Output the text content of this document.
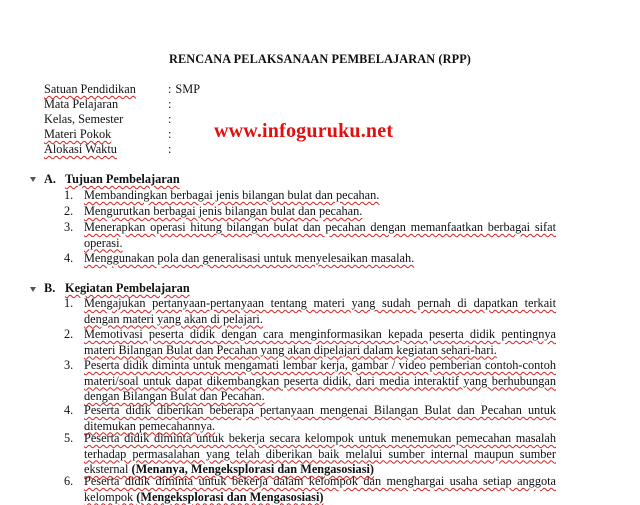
RENCANA PELAKSANAAN PEMBELAJARAN (RPP)
Satuan Pendidikan	: SMP
Mata Pelajaran	:
Kelas, Semester	:
Materi Pokok	:
Alokasi Waktu	:
www.infoguruku.net
A. Tujuan Pembelajaran
1. Membandingkan berbagai jenis bilangan bulat dan pecahan.
2. Mengurutkan berbagai jenis bilangan bulat dan pecahan.
3. Menerapkan operasi hitung bilangan bulat dan pecahan dengan memanfaatkan berbagai sifat operasi.
4. Menggunakan pola dan generalisasi untuk menyelesaikan masalah.
B. Kegiatan Pembelajaran
1. Mengajukan pertanyaan-pertanyaan tentang materi yang sudah pernah di dapatkan terkait dengan materi yang akan di pelajari.
2. Memotivasi peserta didik dengan cara menginformasikan kepada peserta didik pentingnya materi Bilangan Bulat dan Pecahan yang akan dipelajari dalam kegiatan sehari-hari.
3. Peserta didik diminta untuk mengamati lembar kerja, gambar / video pemberian contoh-contoh materi/soal untuk dapat dikembangkan peserta didik, dari media interaktif yang berhubungan dengan Bilangan Bulat dan Pecahan.
4. Peserta didik diberikan beberapa pertanyaan mengenai Bilangan Bulat dan Pecahan untuk ditemukan pemecahannya.
5. Peserta didik diminta untuk bekerja secara kelompok untuk menemukan pemecahan masalah terhadap permasalahan yang telah diberikan baik melalui sumber internal maupun sumber eksternal (Menanya, Mengeksplorasi dan Mengasosiasi)
6. Peserta didik diminta untuk bekerja dalam kelompok dan menghargai usaha setiap anggota kelompok (Mengeksplorasi dan Mengasosiasi)
